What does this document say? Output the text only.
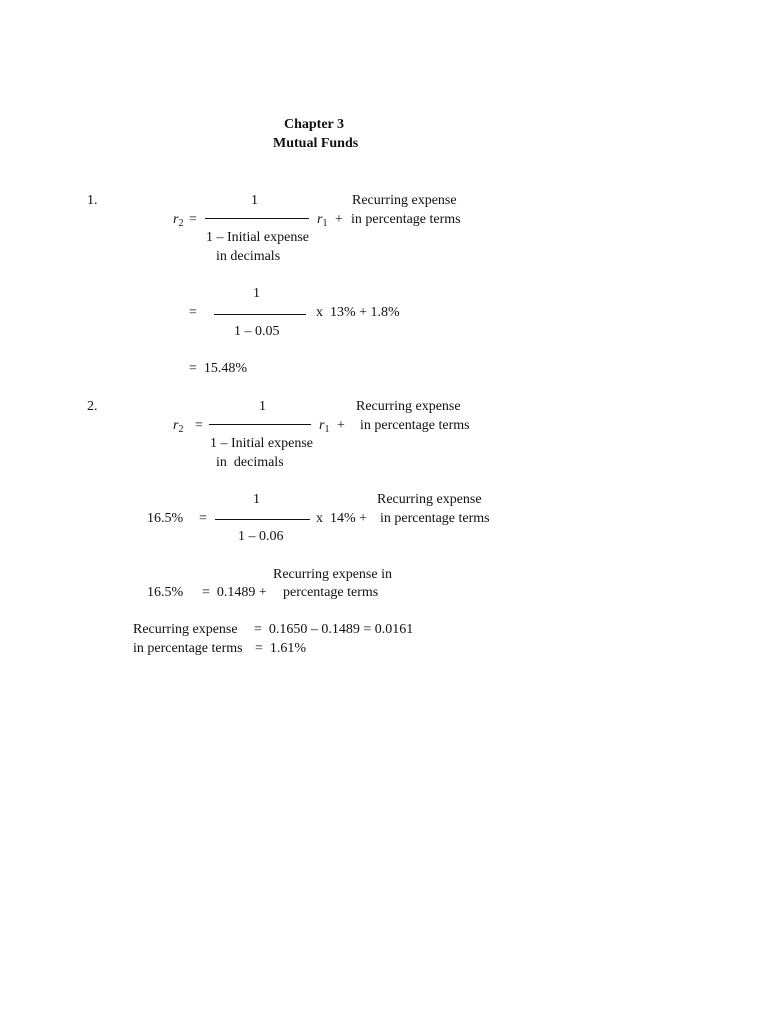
Chapter 3
Mutual Funds
1.	1	Recurring expense
$r_2$ =	$r_1$ + in percentage terms
1 – Initial expense
in decimals
1
=	x  13% + 1.8%
1 – 0.05
=  15.48%
2.	1	Recurring expense
$r_2$ =	$r_1$ + in percentage terms
1 – Initial expense
in  decimals
1	Recurring expense
16.5% =	x  14% + in percentage terms
1 – 0.06
Recurring expense in
16.5% =  0.1489 + percentage terms
Recurring expense =  0.1650 – 0.1489 = 0.0161
in percentage terms =  1.61%
